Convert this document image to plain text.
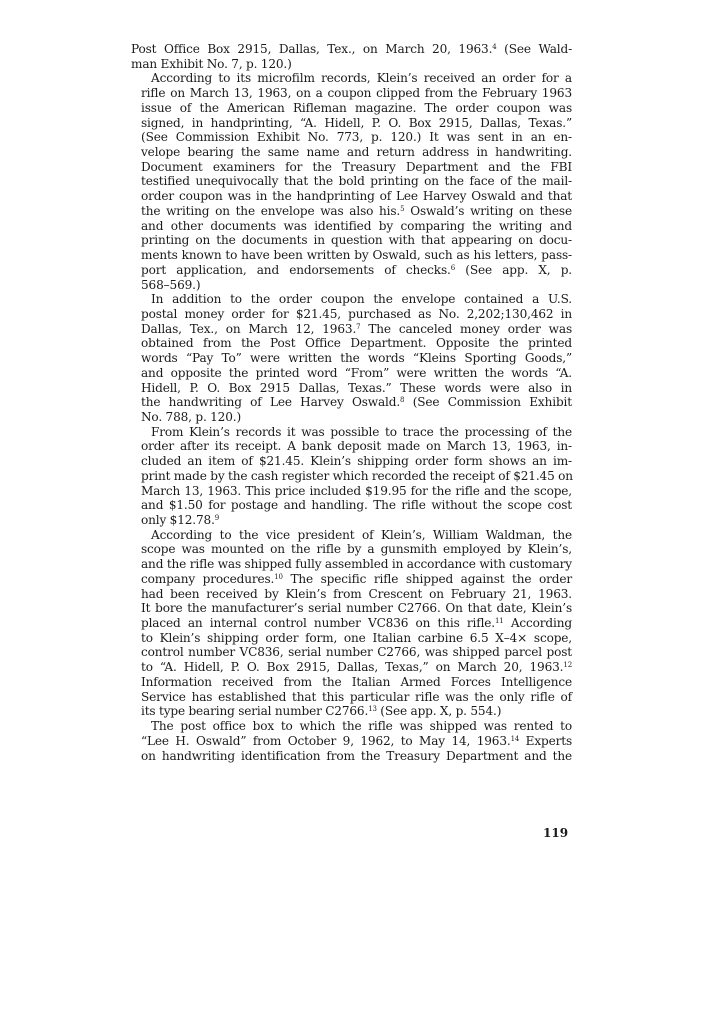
Post Office Box 2915, Dallas, Tex., on March 20, 1963.$^4$ (See Wald-
man Exhibit No. 7, p. 120.)
According to its microfilm records, Klein’s received an order for a
rifle on March 13, 1963, on a coupon clipped from the February 1963
issue of the American Rifleman magazine. The order coupon was
signed, in handprinting, “A. Hidell, P. O. Box 2915, Dallas, Texas.”
(See Commission Exhibit No. 773, p. 120.) It was sent in an en-
velope bearing the same name and return address in handwriting.
Document examiners for the Treasury Department and the FBI
testified unequivocally that the bold printing on the face of the mail-
order coupon was in the handprinting of Lee Harvey Oswald and that
the writing on the envelope was also his.$^5$ Oswald’s writing on these
and other documents was identified by comparing the writing and
printing on the documents in question with that appearing on docu-
ments known to have been written by Oswald, such as his letters, pass-
port application, and endorsements of checks.$^6$ (See app. X, p.
568–569.)
In addition to the order coupon the envelope contained a U.S.
postal money order for $21.45, purchased as No. 2,202;130,462 in
Dallas, Tex., on March 12, 1963.$^7$ The canceled money order was
obtained from the Post Office Department. Opposite the printed
words “Pay To” were written the words “Kleins Sporting Goods,”
and opposite the printed word “From” were written the words “A.
Hidell, P. O. Box 2915 Dallas, Texas.” These words were also in
the handwriting of Lee Harvey Oswald.$^8$ (See Commission Exhibit
No. 788, p. 120.)
From Klein’s records it was possible to trace the processing of the
order after its receipt. A bank deposit made on March 13, 1963, in-
cluded an item of $21.45. Klein’s shipping order form shows an im-
print made by the cash register which recorded the receipt of $21.45 on
March 13, 1963. This price included $19.95 for the rifle and the scope,
and $1.50 for postage and handling. The rifle without the scope cost
only $12.78.$^9$
According to the vice president of Klein’s, William Waldman, the
scope was mounted on the rifle by a gunsmith employed by Klein’s,
and the rifle was shipped fully assembled in accordance with customary
company procedures.$^{10}$ The specific rifle shipped against the order
had been received by Klein’s from Crescent on February 21, 1963.
It bore the manufacturer’s serial number C2766. On that date, Klein’s
placed an internal control number VC836 on this rifle.$^{11}$ According
to Klein’s shipping order form, one Italian carbine 6.5 X–4× scope,
control number VC836, serial number C2766, was shipped parcel post
to “A. Hidell, P. O. Box 2915, Dallas, Texas,” on March 20, 1963.12
Information received from the Italian Armed Forces Intelligence
Service has established that this particular rifle was the only rifle of
its type bearing serial number C2766.13 (See app. X, p. 554.)
The post office box to which the rifle was shipped was rented to
“Lee H. Oswald” from October 9, 1962, to May 14, 1963.14 Experts
on handwriting identification from the Treasury Department and the
119
